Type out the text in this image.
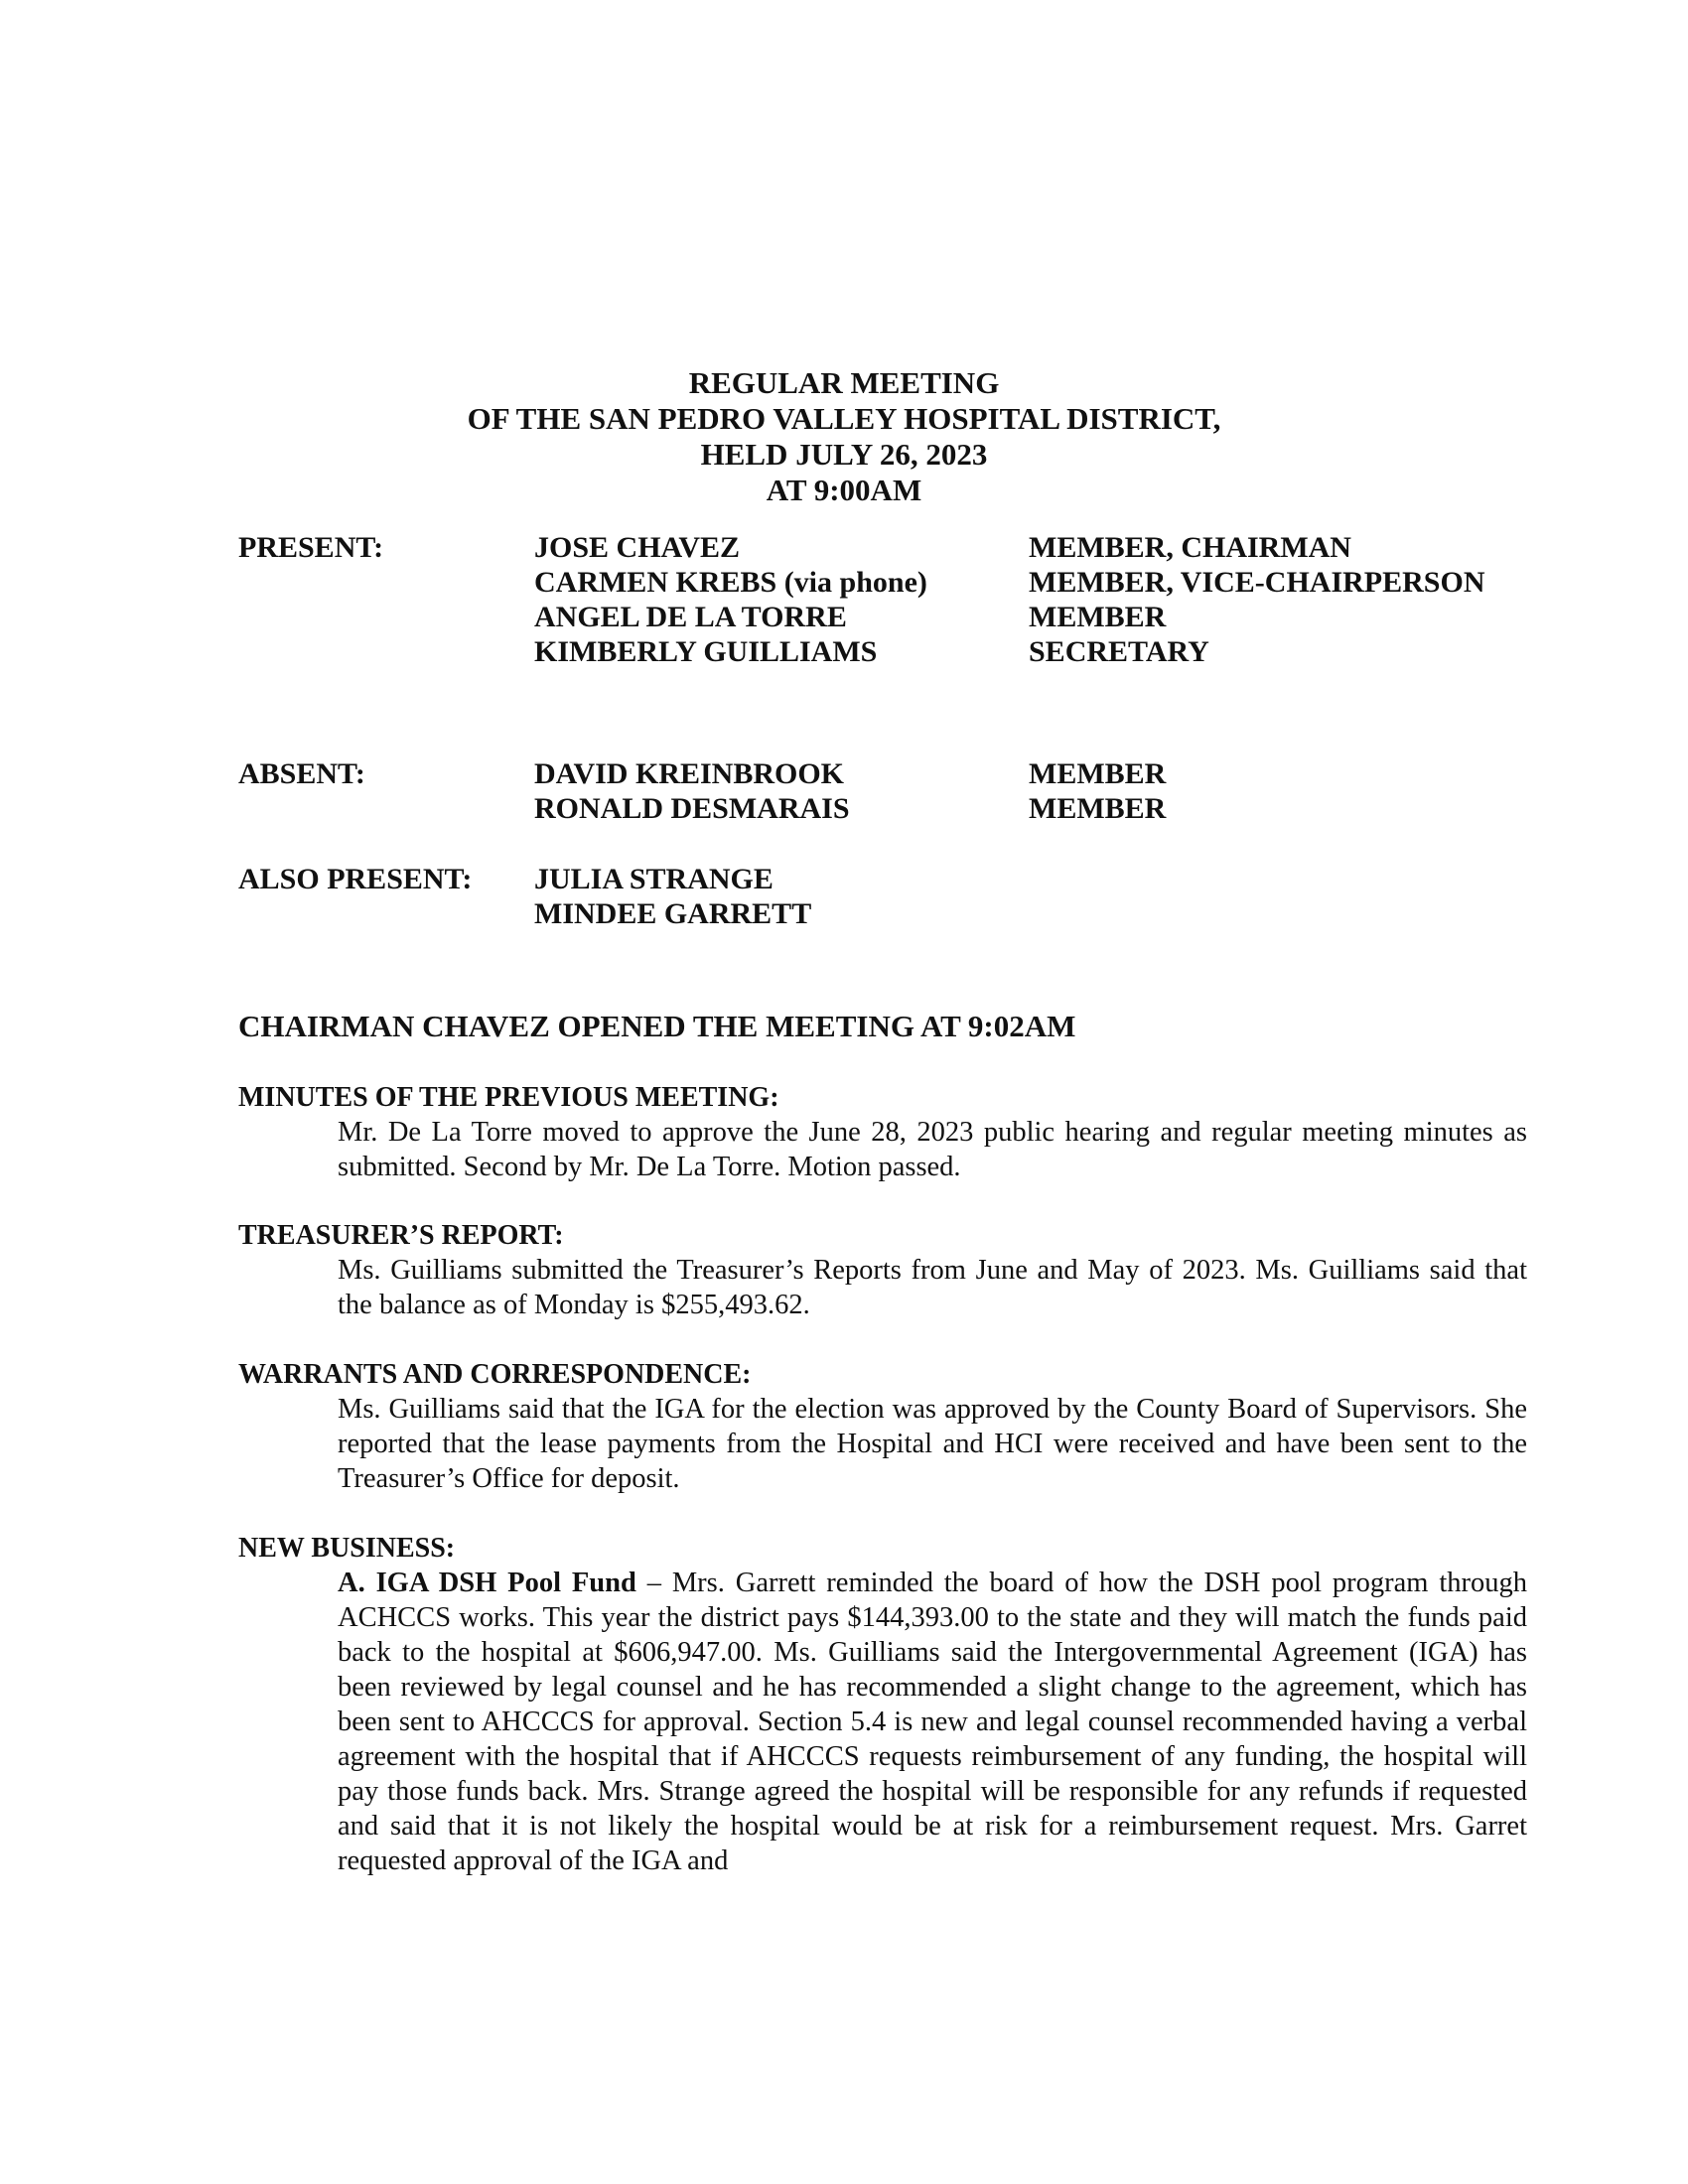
REGULAR MEETING
OF THE SAN PEDRO VALLEY HOSPITAL DISTRICT,
HELD JULY 26, 2023
AT 9:00AM
PRESENT:	JOSE CHAVEZ
CARMEN KREBS (via phone)
ANGEL DE LA TORRE
KIMBERLY GUILLIAMS
MEMBER, CHAIRMAN
MEMBER, VICE-CHAIRPERSON
MEMBER
SECRETARY
ABSENT:	DAVID KREINBROOK
RONALD DESMARAIS
MEMBER
MEMBER
ALSO PRESENT: JULIA STRANGE
MINDEE GARRETT
CHAIRMAN CHAVEZ OPENED THE MEETING AT 9:02AM
MINUTES OF THE PREVIOUS MEETING:
Mr. De La Torre moved to approve the June 28, 2023 public hearing and regular meeting minutes as submitted. Second by Mr. De La Torre. Motion passed.
TREASURER’S REPORT:
Ms. Guilliams submitted the Treasurer’s Reports from June and May of 2023. Ms. Guilliams said that the balance as of Monday is $255,493.62.
WARRANTS AND CORRESPONDENCE:
Ms. Guilliams said that the IGA for the election was approved by the County Board of Supervisors. She reported that the lease payments from the Hospital and HCI were received and have been sent to the Treasurer’s Office for deposit.
NEW BUSINESS:
A. IGA DSH Pool Fund – Mrs. Garrett reminded the board of how the DSH pool program through ACHCCS works. This year the district pays $144,393.00 to the state and they will match the funds paid back to the hospital at $606,947.00. Ms. Guilliams said the Intergovernmental Agreement (IGA) has been reviewed by legal counsel and he has recommended a slight change to the agreement, which has been sent to AHCCCS for approval. Section 5.4 is new and legal counsel recommended having a verbal agreement with the hospital that if AHCCCS requests reimbursement of any funding, the hospital will pay those funds back. Mrs. Strange agreed the hospital will be responsible for any refunds if requested and said that it is not likely the hospital would be at risk for a reimbursement request. Mrs. Garret requested approval of the IGA and
